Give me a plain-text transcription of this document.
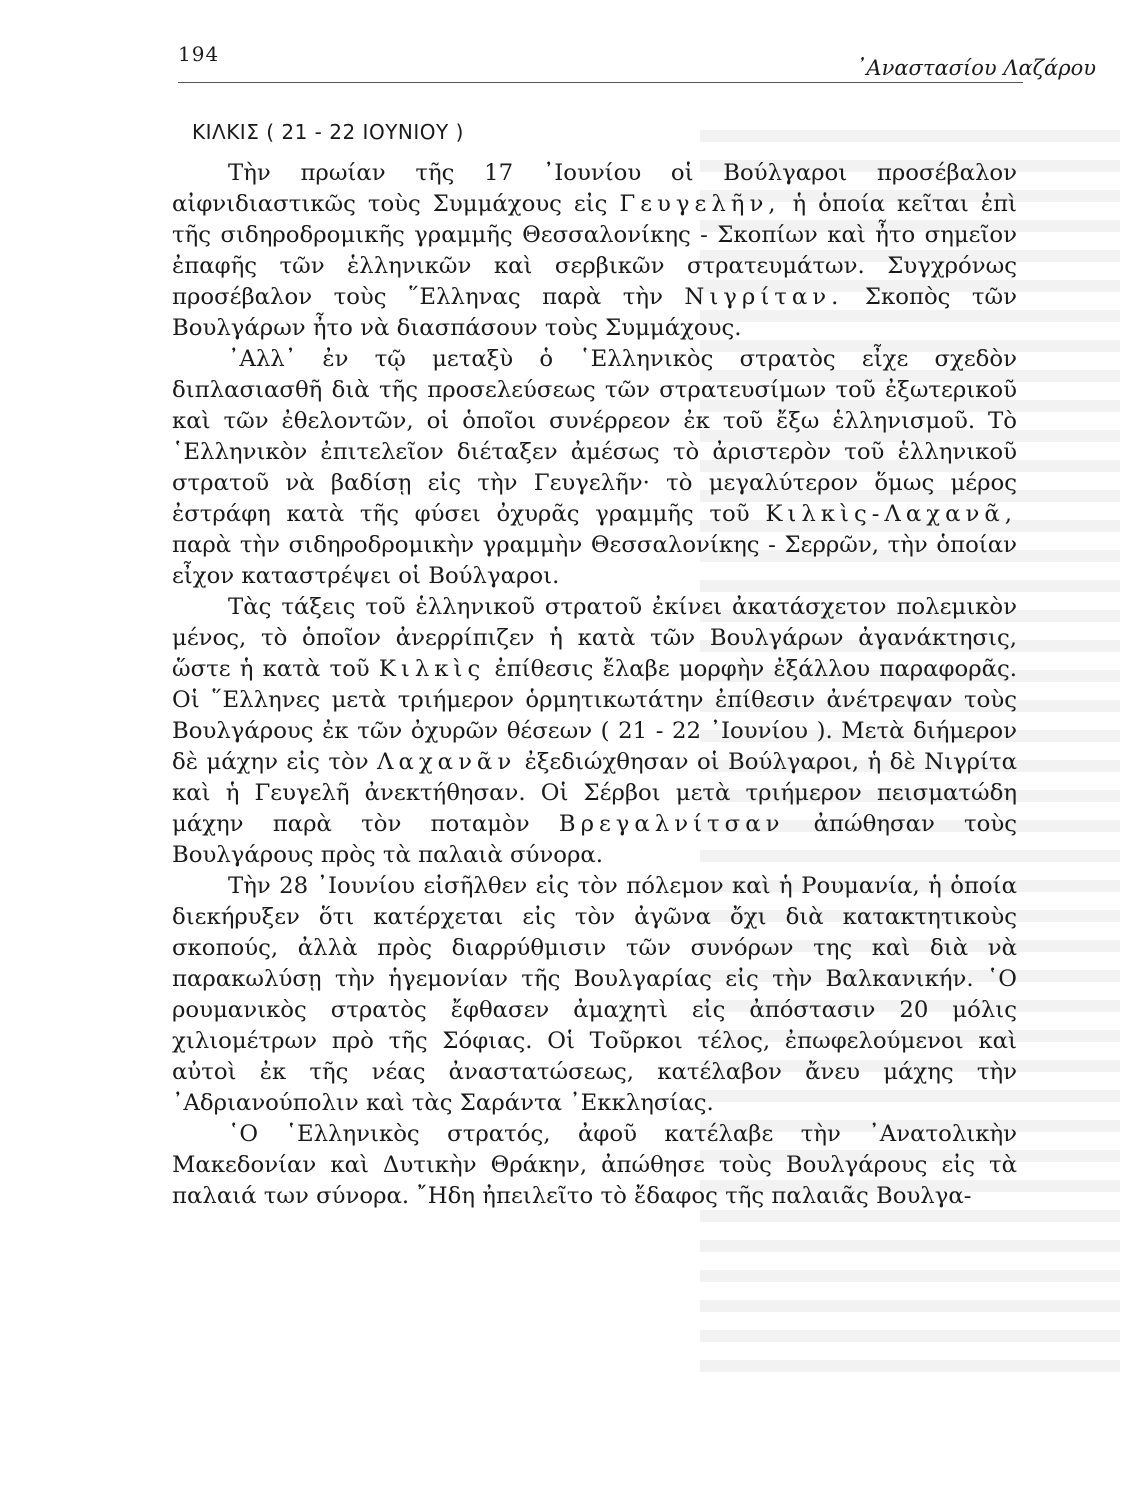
194
᾿Αναστασίου Λαζάρου
ΚΙΛΚΙΣ ( 21 - 22 ΙΟΥΝΙΟΥ )

Τὴν πρωίαν τῆς 17 ᾿Ιουνίου οἱ Βούλγαροι προσέβαλον αἰφνιδιαστικῶς τοὺς Συμμάχους εἰς Γευγελῆν, ἡ ὁποία κεῖται ἐπὶ τῆς σιδηροδρομικῆς γραμμῆς Θεσσαλονίκης - Σκοπίων καὶ ἦτο σημεῖον ἐπαφῆς τῶν ἑλληνικῶν καὶ σερβικῶν στρατευμάτων. Συγχρόνως προσέβαλον τοὺς ῞Ελληνας παρὰ τὴν Νιγρίταν. Σκοπὸς τῶν Βουλγάρων ἦτο νὰ διασπάσουν τοὺς Συμμάχους.

᾿Αλλ᾿ ἐν τῷ μεταξὺ ὁ ῾Ελληνικὸς στρατὸς εἶχε σχεδὸν διπλασιασθῆ διὰ τῆς προσελεύσεως τῶν στρατευσίμων τοῦ ἐξωτερικοῦ καὶ τῶν ἐθελοντῶν, οἱ ὁποῖοι συνέρρεον ἐκ τοῦ ἔξω ἑλληνισμοῦ. Τὸ ῾Ελληνικὸν ἐπιτελεῖον διέταξεν ἀμέσως τὸ ἀριστερὸν τοῦ ἑλληνικοῦ στρατοῦ νὰ βαδίσῃ εἰς τὴν Γευγελῆν· τὸ μεγαλύτερον ὅμως μέρος ἐστράφη κατὰ τῆς φύσει ὀχυρᾶς γραμμῆς τοῦ Κιλκὶς-Λαχανᾶ, παρὰ τὴν σιδηροδρομικὴν γραμμὴν Θεσσαλονίκης - Σερρῶν, τὴν ὁποίαν εἶχον καταστρέψει οἱ Βούλγαροι.

Τὰς τάξεις τοῦ ἑλληνικοῦ στρατοῦ ἐκίνει ἀκατάσχετον πολεμικὸν μένος, τὸ ὁποῖον ἀνερρίπιζεν ἡ κατὰ τῶν Βουλγάρων ἀγανάκτησις, ὥστε ἡ κατὰ τοῦ Κιλκὶς ἐπίθεσις ἔλαβε μορφὴν ἐξάλλου παραφορᾶς. Οἱ ῞Ελληνες μετὰ τριήμερον ὁρμητικωτάτην ἐπίθεσιν ἀνέτρεψαν τοὺς Βουλγάρους ἐκ τῶν ὀχυρῶν θέσεων ( 21 - 22 ᾿Ιουνίου ). Μετὰ διήμερον δὲ μάχην εἰς τὸν Λαχανᾶν ἐξεδιώχθησαν οἱ Βούλγαροι, ἡ δὲ Νιγρίτα καὶ ἡ Γευγελῆ ἀνεκτήθησαν. Οἱ Σέρβοι μετὰ τριήμερον πεισματώδη μάχην παρὰ τὸν ποταμὸν Βρεγαλνίτσαν ἀπώθησαν τοὺς Βουλγάρους πρὸς τὰ παλαιὰ σύνορα.

Τὴν 28 ᾿Ιουνίου εἰσῆλθεν εἰς τὸν πόλεμον καὶ ἡ Ρουμανία, ἡ ὁποία διεκήρυξεν ὅτι κατέρχεται εἰς τὸν ἀγῶνα ὄχι διὰ κατακτητικοὺς σκοπούς, ἀλλὰ πρὸς διαρρύθμισιν τῶν συνόρων της καὶ διὰ νὰ παρακωλύσῃ τὴν ἡγεμονίαν τῆς Βουλγαρίας εἰς τὴν Βαλκανικήν. ῾Ο ρουμανικὸς στρατὸς ἔφθασεν ἀμαχητὶ εἰς ἀπόστασιν 20 μόλις χιλιομέτρων πρὸ τῆς Σόφιας. Οἱ Τοῦρκοι τέλος, ἐπωφελούμενοι καὶ αὐτοὶ ἐκ τῆς νέας ἀναστατώσεως, κατέλαβον ἄνευ μάχης τὴν ᾿Αδριανούπολιν καὶ τὰς Σαράντα ᾿Εκκλησίας.

῾Ο ῾Ελληνικὸς στρατός, ἀφοῦ κατέλαβε τὴν ᾿Ανατολικὴν Μακεδονίαν καὶ Δυτικὴν Θράκην, ἀπώθησε τοὺς Βουλγάρους εἰς τὰ παλαιά των σύνορα. ῎Ηδη ἠπειλεῖτο τὸ ἔδαφος τῆς παλαιᾶς Βουλγα-
